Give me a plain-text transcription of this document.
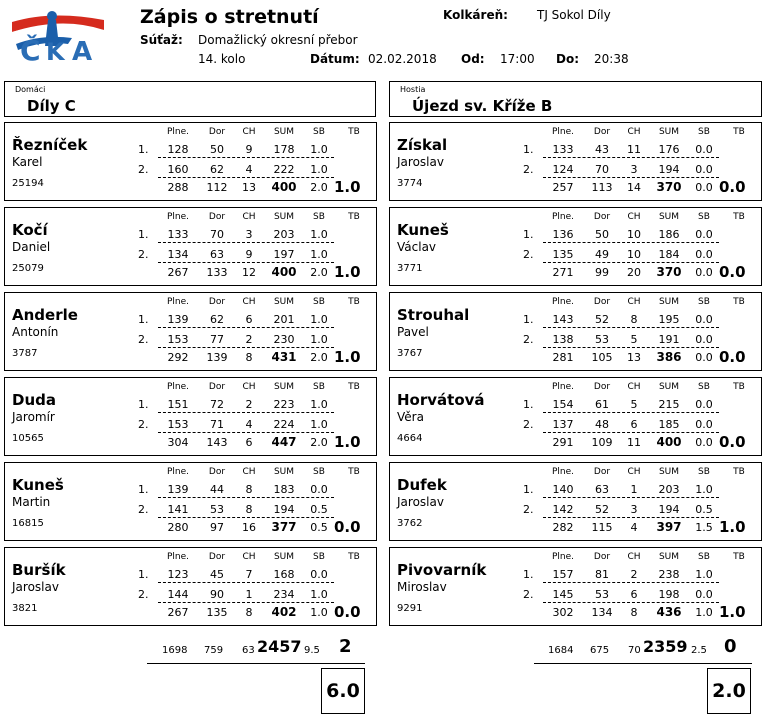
Č K A
Zápis o stretnutí	Kolkáreň: TJ Sokol Díly
Súťaž: Domažlický okresní přebor
14. kolo	Dátum: 02.02.2018 Od: 17:00 Do: 20:38
Domáci
Díly C
Hostia
Újezd sv. Kříže B
Řezníček
Karel
25194
Plne.	Dor	CH	SUM	SB	TB
1.
2.
128	50	9	178	1.0
160	62	4	222	1.0
288	112	13	400	2.0 1.0
Kočí
Daniel
25079
Plne.	Dor	CH	SUM	SB	TB
1.
2.
133	70	3	203	1.0
134	63	9	197	1.0
267	133	12	400	2.0 1.0
Anderle
Antonín
3787
Plne.	Dor	CH	SUM	SB	TB
1.
2.
139	62	6	201	1.0
153	77	2	230	1.0
292	139	8	431	2.0 1.0
Duda
Jaromír
10565
Plne.	Dor	CH	SUM	SB	TB
1.
2.
151	72	2	223	1.0
153	71	4	224	1.0
304	143	6	447	2.0 1.0
Kuneš
Martin
16815
Plne.	Dor	CH	SUM	SB	TB
1.
2.
139	44	8	183	0.0
141	53	8	194	0.5
280	97	16	377	0.5 0.0
Buršík
Jaroslav
3821
Plne.	Dor	CH	SUM	SB	TB
1.
2.
123	45	7	168	0.0
144	90	1	234	1.0
267	135	8	402	1.0 0.0
Získal
Jaroslav
3774
Plne.	Dor	CH	SUM	SB	TB
1.
2.
133	43	11	176	0.0
124	70	3	194	0.0
257	113	14	370	0.0 0.0
Kuneš
Václav
3771
Plne.	Dor	CH	SUM	SB	TB
1.
2.
136	50	10	186	0.0
135	49	10	184	0.0
271	99	20	370	0.0 0.0
Strouhal
Pavel
3767
Plne.	Dor	CH	SUM	SB	TB
1.
2.
143	52	8	195	0.0
138	53	5	191	0.0
281	105	13	386	0.0 0.0
Horvátová
Věra
4664
Plne.	Dor	CH	SUM	SB	TB
1.
2.
154	61	5	215	0.0
137	48	6	185	0.0
291	109	11	400	0.0 0.0
Dufek
Jaroslav
3762
Plne.	Dor	CH	SUM	SB	TB
1.
2.
140	63	1	203	1.0
142	52	3	194	0.5
282	115	4	397	1.5 1.0
Pivovarník
Miroslav
9291
Plne.	Dor	CH	SUM	SB	TB
1.
2.
157	81	2	238	1.0
145	53	6	198	0.0
302	134	8	436	1.0 1.0
1698 759 63 2457 9.5 2
6.0
1684 675 70 2359 2.5 0
2.0
